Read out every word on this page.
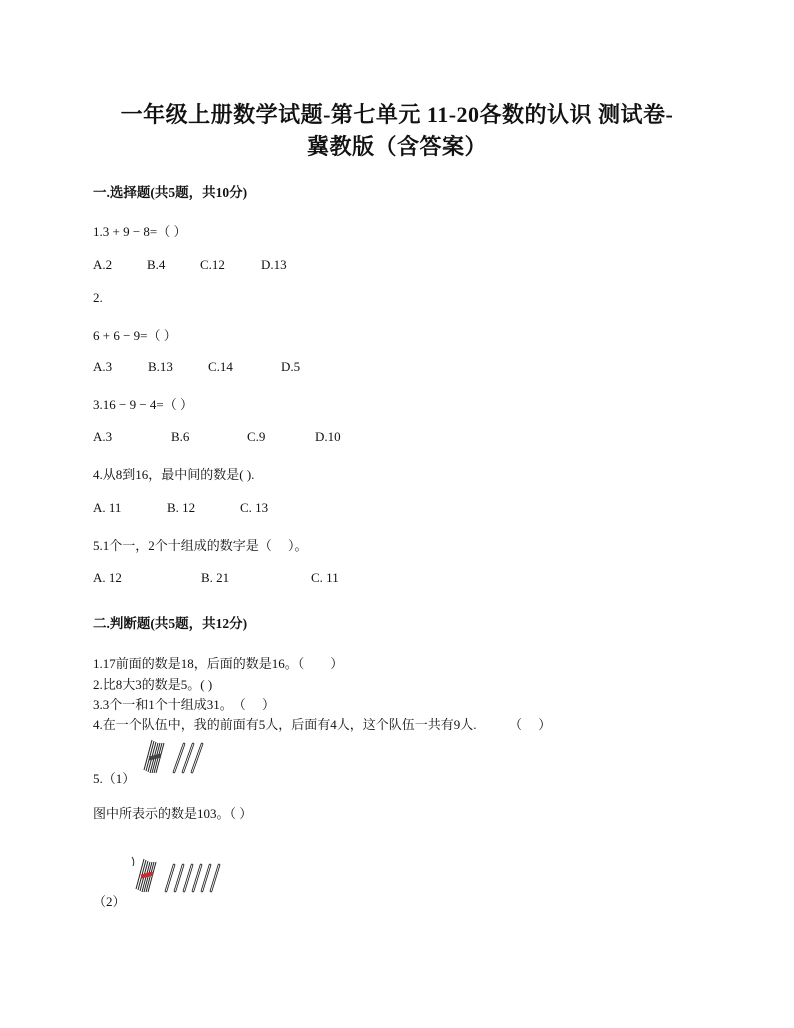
一年级上册数学试题-第七单元 11-20各数的认识 测试卷-
冀教版（含答案）
一.选择题(共5题，共10分)
1.3 + 9 − 8=（ ）
A.2	B.4	C.12	D.13
2.
6 + 6 − 9=（ ）
A.3	B.13	C.14	D.5
3.16 − 9 − 4=（ ）
A.3	B.6	C.9	D.10
4.从8到16，最中间的数是( ).
A. 11	B. 12	C. 13
5.1个一，2个十组成的数字是（　 ）。
A. 12	B. 21	C. 11
二.判断题(共5题，共12分)
1.17前面的数是18，后面的数是16。（　　）
2.比8大3的数是5。( )
3.3个一和1个十组成31。　（　 ）
4.在一个队伍中，我的前面有5人，后面有4人，这个队伍一共有9人.　　　（　 ）
5.（1）
图中所表示的数是103。（ ）
（2）
